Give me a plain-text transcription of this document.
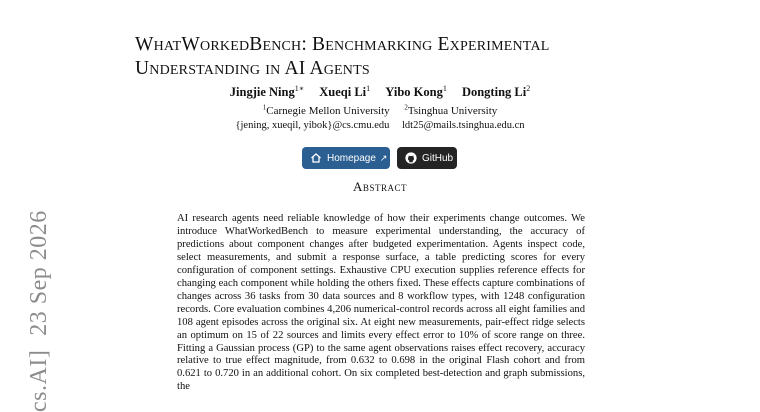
WhatWorkedBench: Benchmarking Experimental Understanding in AI Agents
Jingjie Ning$^{1∗}$ Xueqi Li$^1$ Yibo Kong$^1$ Dongting Li$^2$
$^1$Carnegie Mellon University $^2$Tsinghua University
{jening, xueqil, yibok}@cs.cmu.edu ldt25@mails.tsinghua.edu.cn
Homepage ↗	GitHub
Abstract

AI research agents need reliable knowledge of how their experiments change outcomes. We introduce WhatWorkedBench to measure experimental understanding, the accuracy of predictions about component changes after budgeted experimentation. Agents inspect code, select measurements, and submit a response surface, a table predicting scores for every configuration of component settings. Exhaustive CPU execution supplies reference effects for changing each component while holding the others fixed. These effects capture combinations of changes across 36 tasks from 30 data sources and 8 workflow types, with 1248 configuration records. Core evaluation combines 4,206 numerical-control records across all eight families and 108 agent episodes across the original six. At eight new measurements, pair-effect ridge selects an optimum on 15 of 22 sources and limits every effect error to 10% of score range on three. Fitting a Gaussian process (GP) to the same agent observations raises effect recovery, accuracy relative to true effect magnitude, from 0.632 to 0.698 in the original Flash cohort and from 0.621 to 0.720 in an additional cohort. On six completed best-detection and graph submissions, the

cs.AI]23 Sep 2026
